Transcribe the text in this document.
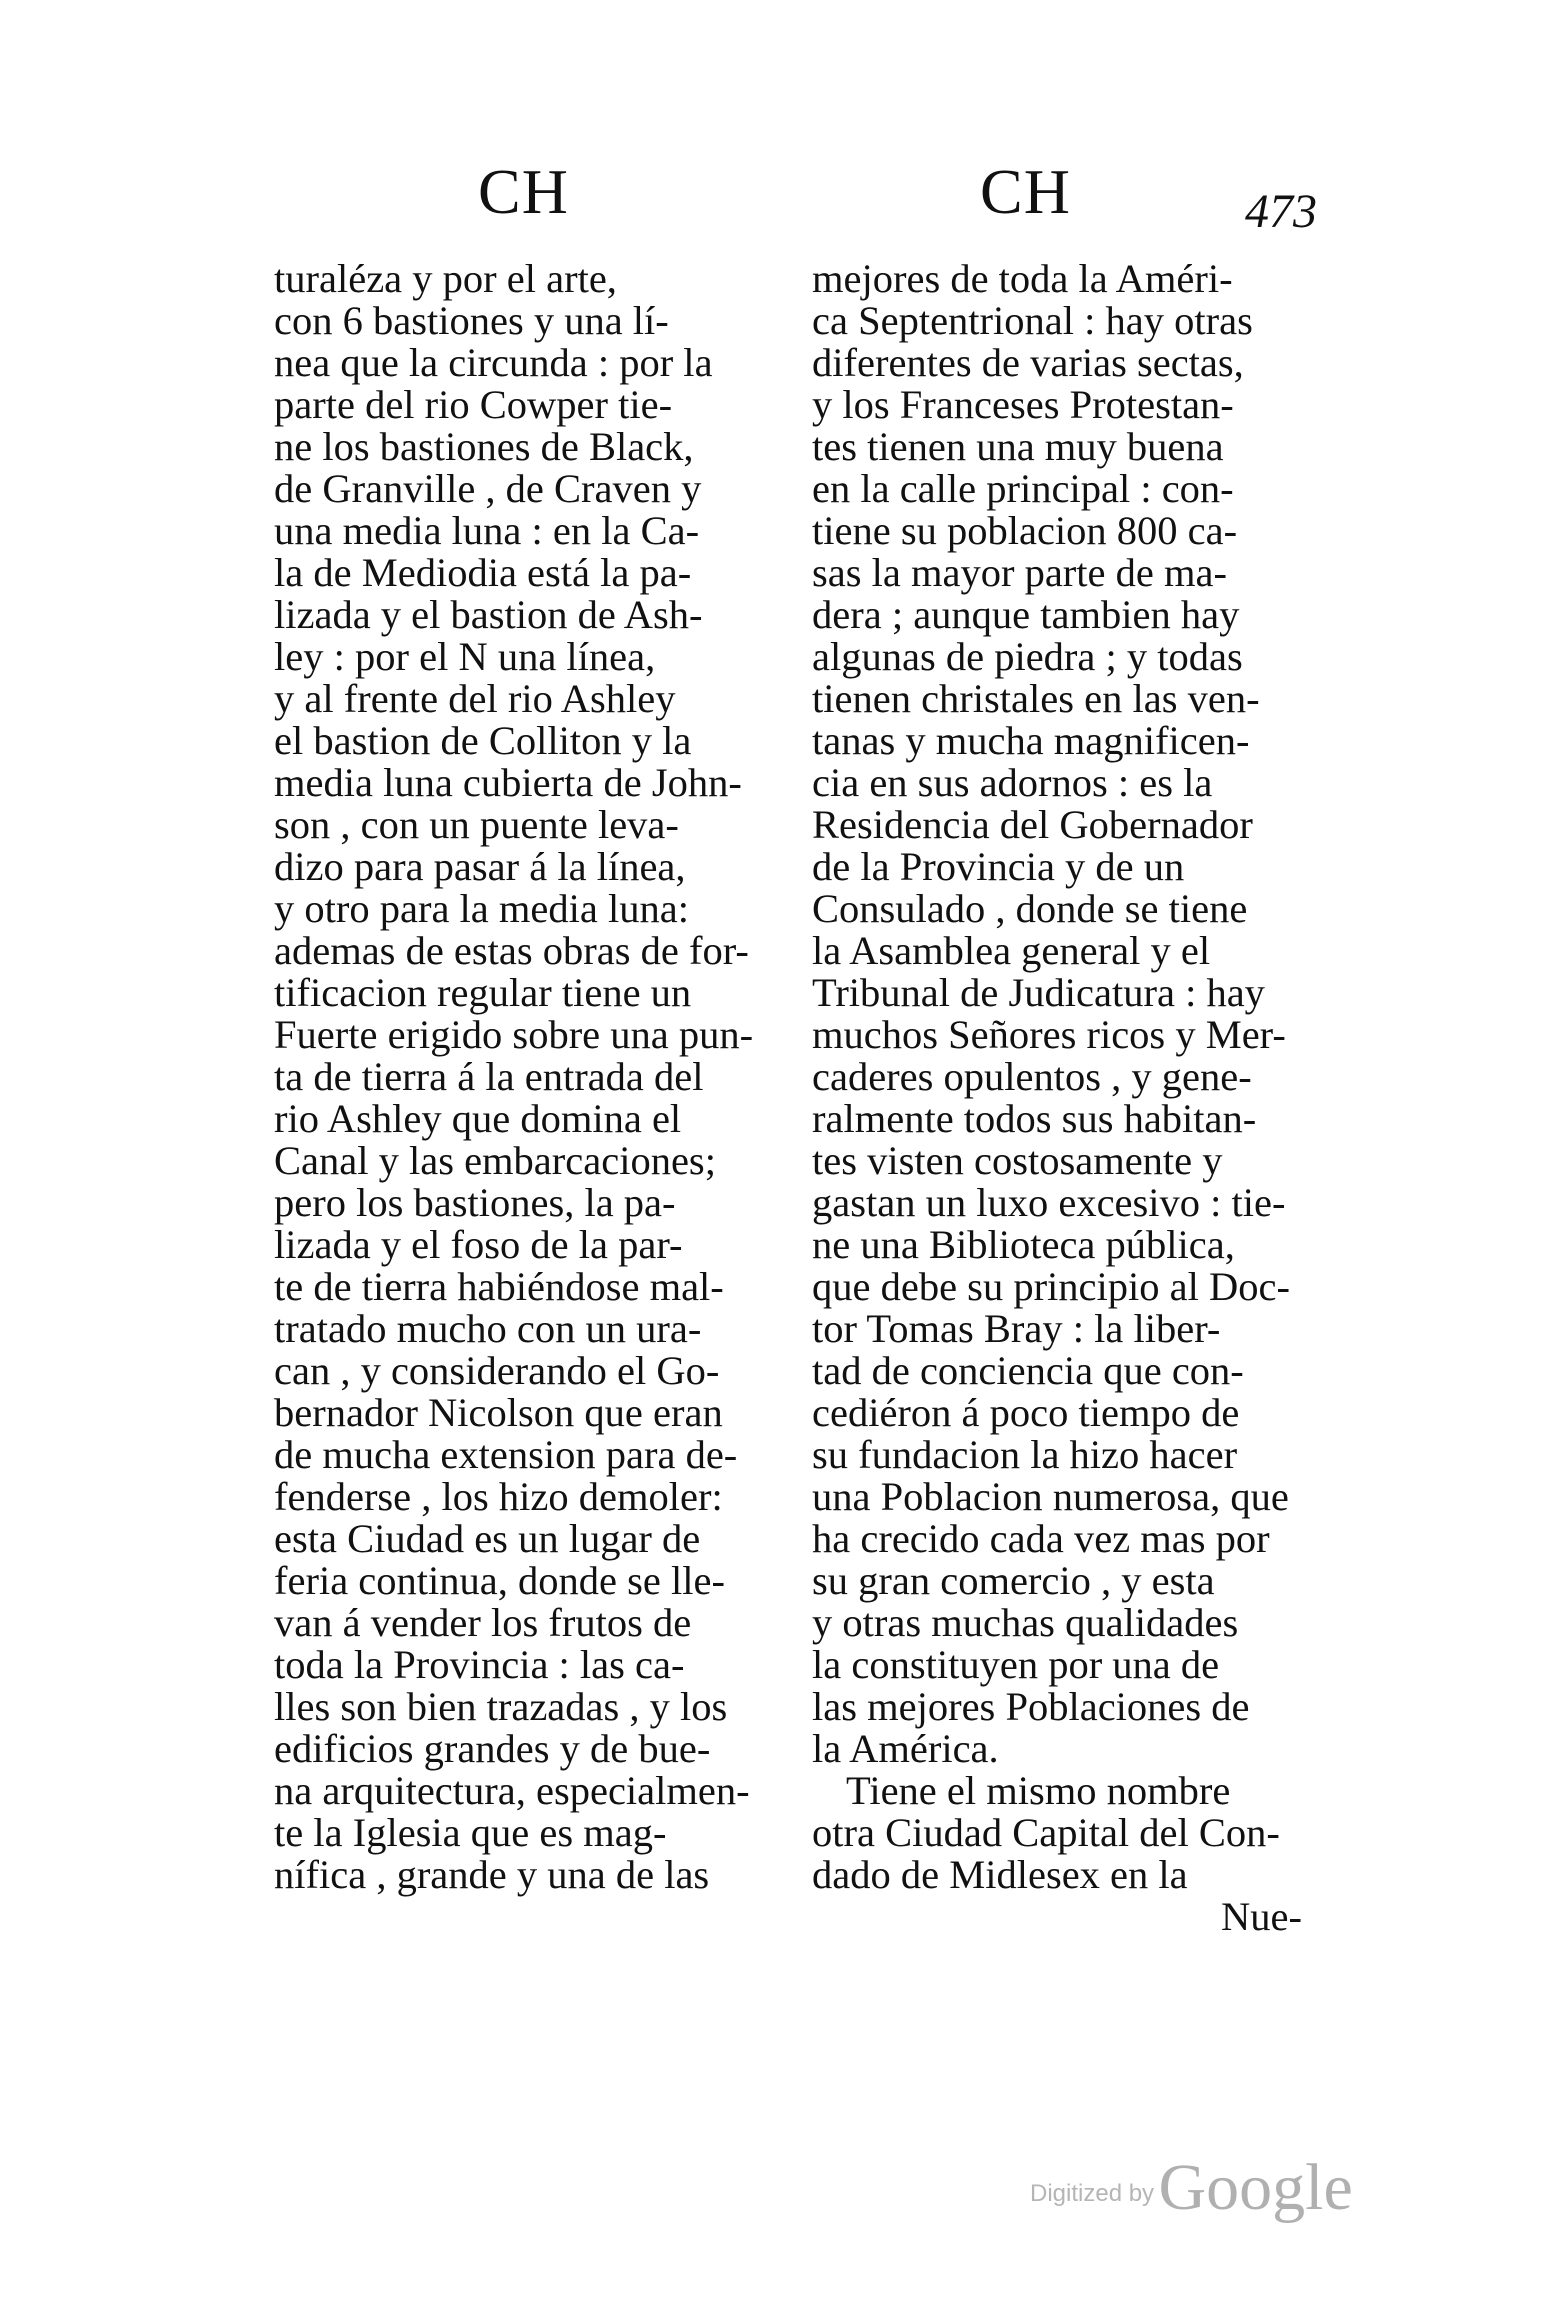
CH	CH	473
turaléza y por el arte,
con 6 bastiones y una lí-
nea que la circunda : por la
parte del rio Cowper tie-
ne los bastiones de Black,
de Granville , de Craven y
una media luna : en la Ca-
la de Mediodia está la pa-
lizada y el bastion de Ash-
ley : por el N una línea,
y al frente del rio Ashley
el bastion de Colliton y la
media luna cubierta de John-
son , con un puente leva-
dizo para pasar á la línea,
y otro para la media luna:
ademas de estas obras de for-
tificacion regular tiene un
Fuerte erigido sobre una pun-
ta de tierra á la entrada del
rio Ashley que domina el
Canal y las embarcaciones;
pero los bastiones, la pa-
lizada y el foso de la par-
te de tierra habiéndose mal-
tratado mucho con un ura-
can , y considerando el Go-
bernador Nicolson que eran
de mucha extension para de-
fenderse , los hizo demoler:
esta Ciudad es un lugar de
feria continua, donde se lle-
van á vender los frutos de
toda la Provincia : las ca-
lles son bien trazadas , y los
edificios grandes y de bue-
na arquitectura, especialmen-
te la Iglesia que es mag-
nífica , grande y una de las
mejores de toda la Améri-
ca Septentrional : hay otras
diferentes de varias sectas,
y los Franceses Protestan-
tes tienen una muy buena
en la calle principal : con-
tiene su poblacion 800 ca-
sas la mayor parte de ma-
dera ; aunque tambien hay
algunas de piedra ; y todas
tienen christales en las ven-
tanas y mucha magnificen-
cia en sus adornos : es la
Residencia del Gobernador
de la Provincia y de un
Consulado , donde se tiene
la Asamblea general y el
Tribunal de Judicatura : hay
muchos Señores ricos y Mer-
caderes opulentos , y gene-
ralmente todos sus habitan-
tes visten costosamente y
gastan un luxo excesivo : tie-
ne una Biblioteca pública,
que debe su principio al Doc-
tor Tomas Bray : la liber-
tad de conciencia que con-
cediéron á poco tiempo de
su fundacion la hizo hacer
una Poblacion numerosa, que
ha crecido cada vez mas por
su gran comercio , y esta
y otras muchas qualidades
la constituyen por una de
las mejores Poblaciones de
la América.
Tiene el mismo nombre
otra Ciudad Capital del Con-
dado de Midlesex en la
Nue-
Digitized by Google
